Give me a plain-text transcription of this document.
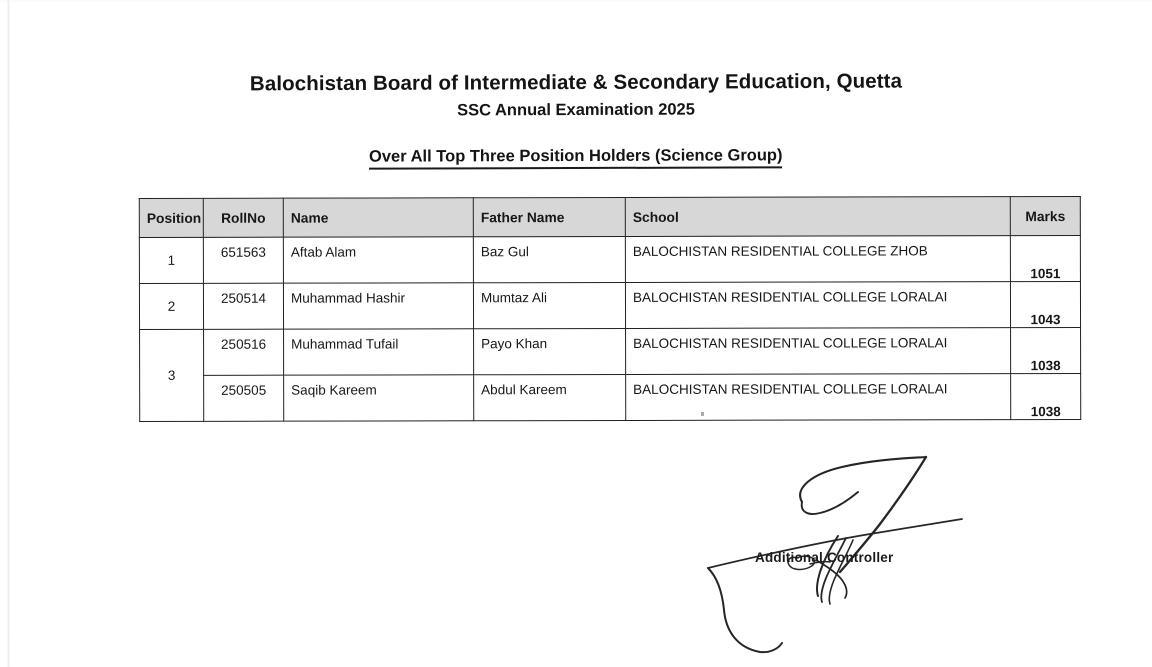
Balochistan Board of Intermediate & Secondary Education, Quetta
SSC Annual Examination 2025
Over All Top Three Position Holders (Science Group)
Position	RollNo	Name	Father Name	School	Marks
1	651563	Aftab Alam	Baz Gul	BALOCHISTAN RESIDENTIAL COLLEGE ZHOB	1051
2	250514	Muhammad Hashir	Mumtaz Ali	BALOCHISTAN RESIDENTIAL COLLEGE LORALAI	1043
3	250516	Muhammad Tufail	Payo Khan	BALOCHISTAN RESIDENTIAL COLLEGE LORALAI	1038
	250505	Saqib Kareem	Abdul Kareem	BALOCHISTAN RESIDENTIAL COLLEGE LORALAI	1038
Additional Controller
